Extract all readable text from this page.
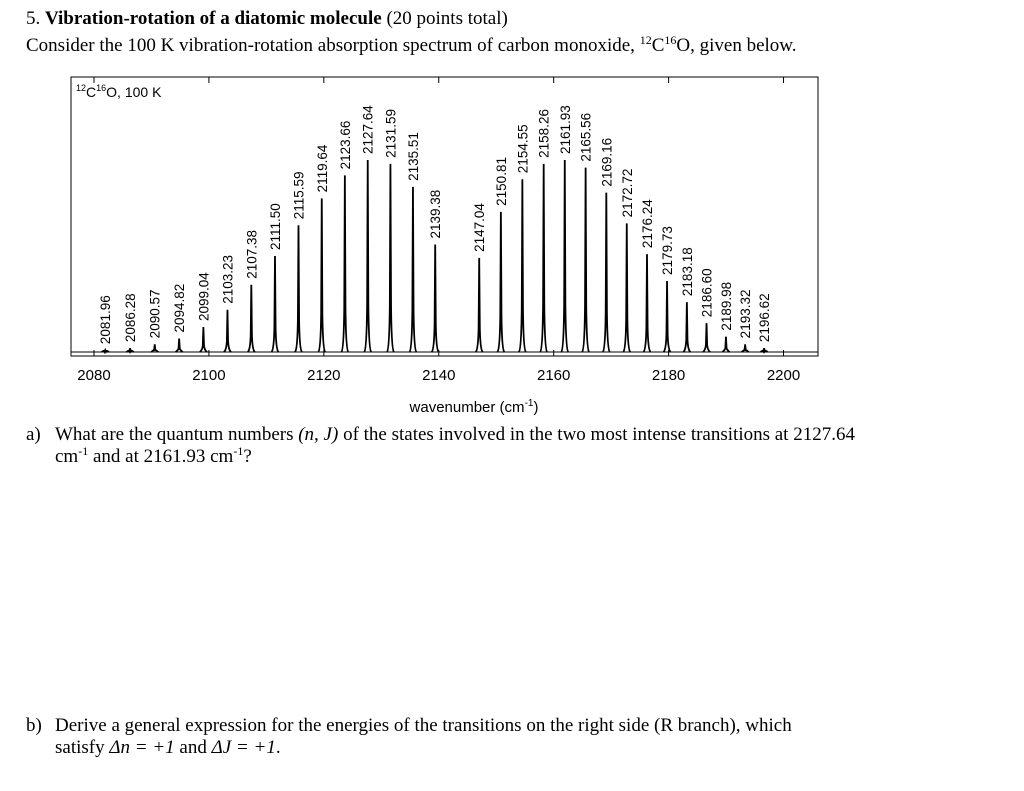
5. Vibration-rotation of a diatomic molecule (20 points total)
Consider the 100 K vibration-rotation absorption spectrum of carbon monoxide, $^{12}C^{16}O$, given below.
2081.96 2086.28 2090.57 2094.82 2099.04 2103.23
2107.38
2111.50
2115.59
2119.64 2123.66 2127.64 2131.59 2135.51
2139.38 2147.04
2150.81
2154.55 2158.26 2161.93 2165.56
2169.16
2172.72
2176.24
2179.73 2183.18 2186.60 2189.98 2193.32 2196.62
2080	2100	2120	2140	2160	2180	2200
$^{12}C^{16}O$, 100 K
wavenumber $(cm^{-1})$
a) What are the quantum numbers (n, J) of the states involved in the two most intense transitions at 2127.64
$cm^{-1}$ and at 2161.93 $cm^{-1}$?
b) Derive a general expression for the energies of the transitions on the right side (R branch), which
satisfy Δn = +1 and ΔJ = +1.
